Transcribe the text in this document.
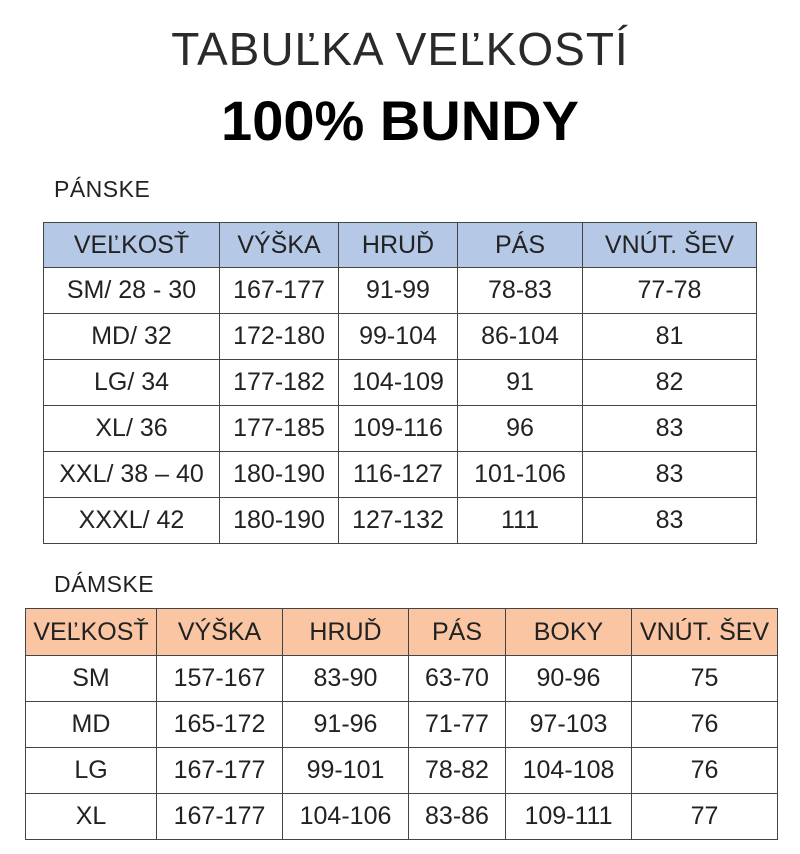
TABUĽKA VEĽKOSTÍ
100% BUNDY
PÁNSKE
VEĽKOSŤ	VÝŠKA	HRUĎ	PÁS	VNÚT. ŠEV
SM/ 28 - 30	167-177	91-99	78-83	77-78
MD/ 32	172-180	99-104	86-104	81
LG/ 34	177-182	104-109	91	82
XL/ 36	177-185	109-116	96	83
XXL/ 38 – 40	180-190	116-127	101-106	83
XXXL/ 42	180-190	127-132	111	83
DÁMSKE
VEĽKOSŤ	VÝŠKA	HRUĎ	PÁS	BOKY	VNÚT. ŠEV
SM	157-167	83-90	63-70	90-96	75
MD	165-172	91-96	71-77	97-103	76
LG	167-177	99-101	78-82	104-108	76
XL	167-177	104-106	83-86	109-111	77
